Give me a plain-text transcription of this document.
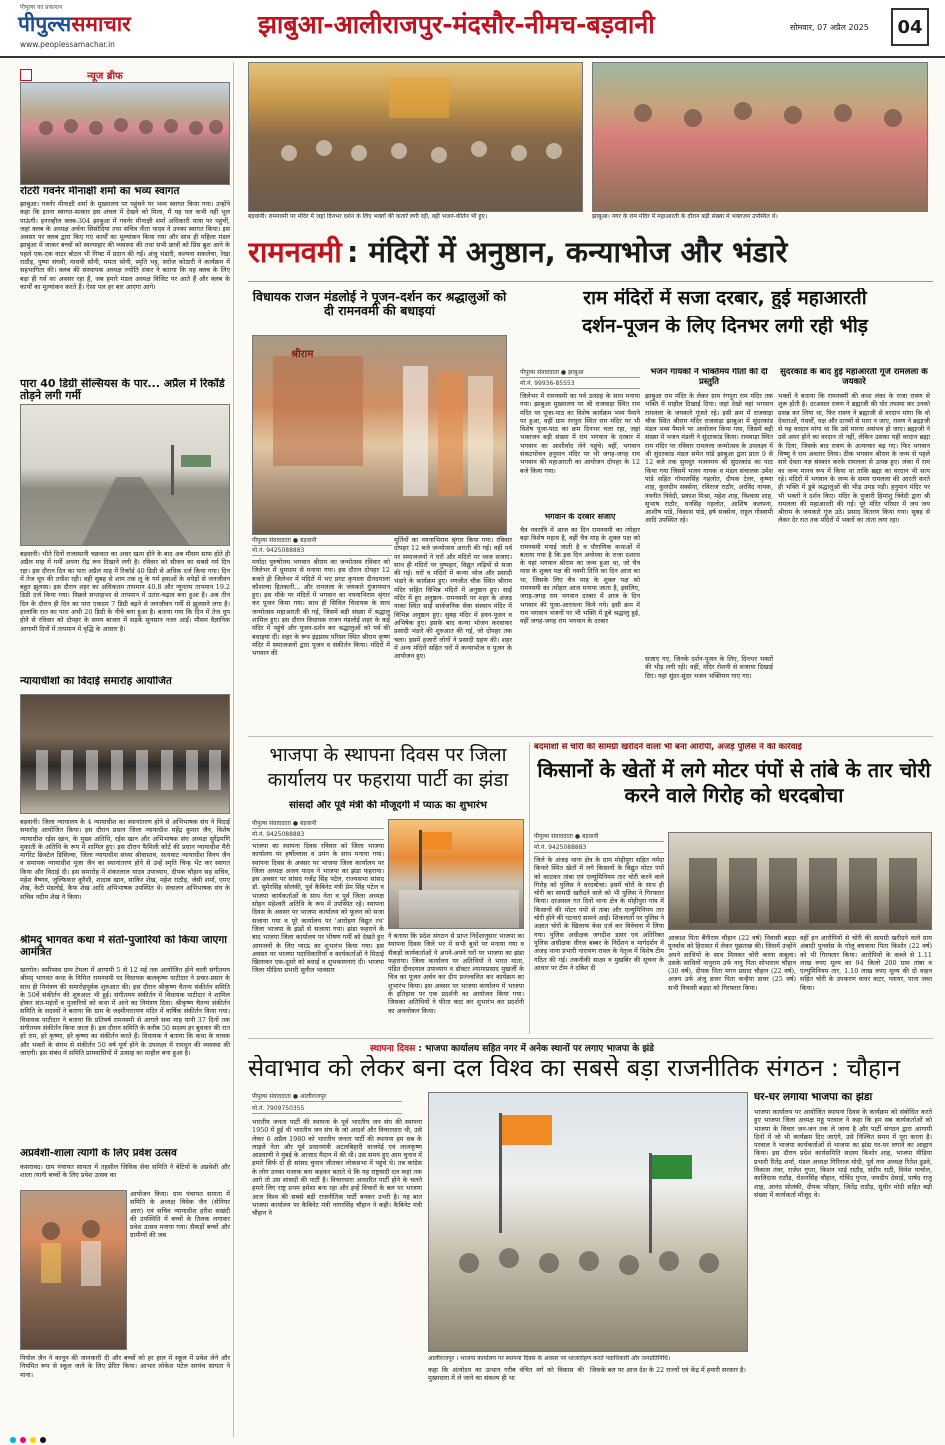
पीपुल्स का प्रकाशन
पीपुल्ससमाचार
www.peoplessamachar.in
झाबुआ-आलीराजपुर-मंदसौर-नीमच-बड़वानी	सोमवार, 07 अप्रैल 2025	04
न्यूज ब्रीफ
रोटरी गवर्नर मीनाक्षी शर्मा का भव्य स्वागत
झाबुआ। गवर्नर मीनाक्षी शर्मा के मुख्यालय पर पहुंचने पर भव्य स्वागत किया गया। उन्होंने कहा कि इतना स्वागत-सत्कार इस अंचल में देखने को मिला, मैं यह पल कभी नहीं भूल पाऊंगी। इनरव्हील क्लब-304 झाबुआ में गवर्नर मीनाक्षी शर्मा अधिकारी यात्रा पर पहुंचीं, जहां क्लब के अध्यक्ष अर्चना सिसोदिया तथा सचिव नीता यादव ने उनका स्वागत किया। इस अवसर पर क्लब द्वारा किए गए कार्यों का मूल्यांकन किया गया और साथ ही महिला मंडल झाबुआ में जाकर बच्चों को स्वल्पाहार की व्यवस्था की तथा सभी छात्रों को प्रिंस ब्रुश आने के पहले एक-एक वाटर बोटल भी गिफ्ट में प्रदान की गई। अंजू भंडारी, कल्पना सकलेचा, रेखा राठौड़, पुष्पा संघवी, माधवी सोनी, ममता सोनी, स्मृति भट्ट, सरोज कोठारी ने कार्यक्रम में सहभागिता की। क्लब की संस्थापक अध्यक्ष ज्योति शंकर ने बताया कि यह क्लब के लिए बड़ा ही गर्व का अवसर रहा है, जब हमारे मंडल अध्यक्ष विजिट पर आते हैं और क्लब के कार्यों का मूल्यांकन करते हैं। ऐसा पल हर बार आएगा आगे।
पारा 40 डिग्री सेल्सियस के पार... अप्रैल में रिकॉर्ड तोड़ने लगी गर्मी
बड़वानी। भीते दिनों राजस्थानी चक्रवात का असर खत्म होने के बाद अब मौसम साफ होते ही अप्रैल माह में गर्मी अपना रौद्र रूप दिखाने लगी है। रविवार को सीजन का सबसे गर्म दिन रहा। इस दौरान दिन का पारा अप्रैल माह में रिकॉर्ड 40 डिग्री से अधिक दर्ज किया गया। दिन में तेज धूप की तपीश रही। वहीं सुबह से शाम तक लू के गर्म हवाओं के थपेड़ों से जनजीवन बहुत झुलसा। इस दौरान शहर का अधिकतम तापमान 40.8 और न्यूनतम तापमान 19.2 डिग्री दर्ज किया गया। पिछले सप्ताहभर से तापमान में उतार-चढ़ाव बना हुआ है। अब तीन दिन के दौरान ही दिन का पारा एकदम 7 डिग्री बढ़ने से जनजीवन गर्मी से झुलसने लगा है। हालांकि रात का पारा अभी 20 डिग्री के नीचे बना हुआ है। बताया गया कि दिन में तेज धूप होने से रविवार को दोपहर के समय बाजार में सड़कें सुनसान नजर आईं। मौसम वैज्ञानिक आगामी दिनों में तापमान में वृद्धि के आसार है।
न्यायाधीशों का विदाई समारोह आयोजित
बड़वानी। जिला न्यायालय के 4 न्यायाधीश का स्थानांतरण होने से अभिभाषक संघ ने विदाई समारोह आयोजित किया। इस दौरान प्रधान जिला न्यायाधीश महेंद्र कुमार जैन, विशेष न्यायाधीश रईस खान, के मुख्य अतिथि, रईस खान और अभिभाषक संघ अध्यक्ष सुरेंद्रमणि मुकाती के अतिथि के रूप में शामिल हुए। इस दौरान फैमिली कोर्ट की प्रधान न्यायाधीश मैरी मार्गरेट क्रिस्टेल डिसिल्वा, जिला न्यायाधीश संध्या श्रीवास्तव, सत्यवाट न्यायाधीश विनय जैन व समापक न्यायाधीश पूजा जैन का स्थानांतरण होने से उन्हें स्मृति चिन्ह भेंट कर स्वागत किया और विदाई दी। इस समारोह में शंकरलाल यादव उपाध्याय, दीपक चौहान सह सचिव, महेश वैष्णव, जुल्फिकार कुरैशी, शादाब खान, साकिर शेख, महेश राठौड़, जेसी शर्मा, एमए शेख, केटी मंडलोई, कैफ शेख आदि अभिभाषक उपस्थित थे। संचालन अभिभाषक संघ के सचिव नदीम शेख ने किया।
श्रीमद् भागवत कथा में संतों-पुजारियों को किया जाएगा आमंत्रित
खरगोन। समीपस्थ ग्राम टेमला में आगामी 5 से 12 मई तक आयोजित होने वाली संगीतमय श्रीमद् भागवत कथा के निमित्त रामनवमी पर विधायक बालकृष्ण पाटीदार ने प्रचार-प्रसार के साथ ही निमंत्रण की समारोहपूर्वक शुरुआत की। इस दौरान श्रीकृष्ण चैतन्य संकीर्तन समिति के 50वें संकीर्तन की शुरुआत भी हुई। संगीतमय संकीर्तन में विधायक पाटीदार ने शामिल होकर संत-महंतों व पुजारियों को कथा में आने का निमंत्रण दिया। श्रीकृष्ण चैतन्य संकीर्तन समिति के सदस्यों ने बताया कि ग्राम के लक्ष्मीनारायण मंदिर में वार्षिक संकीर्तन किया गया। विधायक पाटीदार ने बताया कि प्रतिवर्ष रामनवमी से आगले सवा माह यानी 37 दिनों तक संगीतमय संकीर्तन किया जाता है। इस दौरान समिति के करीब 50 सदस्य हर बुधवार की रात हरे राम, हरे कृष्णा, हरे कृष्णा का संकीर्तन करते हैं। विधायक ने बताया कि कथा के वाचक और भक्तों के संगम से संकीर्तन 50 वर्ष पूर्ण होने के उपलक्ष्य में रामधुन की व्यवस्था की जाएगी। इस संबंध में समिति प्रामवासियों में उत्साह का माहौल बना हुआ है।
अप्रवेशी-शाला त्यागी के लिए प्रवेश उत्सव
कसरावद। ग्राम पंचायत सायता में तहसील जिविक सेवा समिति ने बेटियों के अप्रवेशी और शाला त्यागी बच्चों के लिए प्रवेश उत्सव का
आयोजन किया। ग्राम पंचायत सायता में समिति के अध्यक्ष विवेक जैन (सेनियर आरा) एवं सचिव न्यायाधीश हरीश सखंदी की उपस्थिति में बच्चों के तिलक लगाकर प्रवेश उत्सव मनाया गया। सैकड़ों बच्चों और ग्रामीणों की जब
पियोल जैन ने कानून की जानकारी दी और बच्चों को हर हाल में स्कूल में प्रवेश लेने और नियमित रूप से स्कूल जाने के लिए प्रेरित किया। आभार लोकेश पटेल सरपंच सायता ने माना।
बड़वानी। रामनवमी पर मंदिर में जहां दिनभर दर्शन के लिए भक्तों की कतारें लगी रहीं, वहीं भजन-कीर्तन भी हुए।	झाबुआ। नगर के राम मंदिर में महाआरती के दौरान बड़ी संख्या में भक्तजन उपस्थित थे।
रामनवमी : मंदिरों में अनुष्ठान, कन्याभोज और भंडारे
विधायक राजन मंडलोई ने पूजन-दर्शन कर श्रद्धालुओं को दी रामनवमी की बधाइयां
राम मंदिरों में सजा दरबार, हुई महाआरती
दर्शन-पूजन के लिए दिनभर लगी रही भीड़
श्रीराम
पीपुल्स संवाददाता ● बड़वानी
मो.नं. 9425088883
मूर्तियों का नयनाभिराम श्रृंगार किया गया। रविवार दोपहर 12 बजे जन्मोत्सव आरती की गई। वहीं पर्व पर समाजजनों ने घरों और मंदिरों पर ध्वज सजाए। साथ ही मंदिरों पर पुष्पहार, विद्युत लड़ियों से सजा की गई। घरों व मंदिरों में कन्या भोज और प्रसादी भंडारे के कार्यक्रम हुए। रणजीत चौक स्थित श्रीराम मंदिर सहित विभिन्न मंदिरों में अनुष्ठान हुए। साईं मंदिर में हुए अनुष्ठान- रामनवमी पर शहर के अंजड़ नाका स्थित साईं सार्वजनिक सेवा संस्थान मंदिर में विभिन्न अनुष्ठान हुए। सुबह मंदिर में हवन-पूजन व अभिषेक हुए। इसके बाद कन्या भोजन करवाकर प्रसादी भंडारे की शुरुआत की गई, जो दोपहर तक चला। इसमें हजारों लोगों ने प्रसादी ग्रहण की। शहर में अन्य मंदिरों सहित घरों में कन्याभोज व पूजन के आयोजन हुए।
मर्यादा पुरुषोत्तम भगवान श्रीराम का जन्मोत्सव रविवार को जिलेभर में धूमधाम से मनाया गया। इस दौरान दोपहर 12 बजते ही जिलेभर में मंदिरों में भए प्रगट कृपाला दीनदयाला कौशल्या हितकारी... और रामलला के जयकारे गुंजायमान हुए। इस मौके पर मंदिरों में भगवान का नयनाभिराम श्रृंगार कर पूजन किया गया। साथ ही सिविल विधायक के साथ जन्मोत्सव महाआरती की गई, जिसमें बड़ी संख्या में श्रद्धालु शामिल हुए। इस दौरान विधायक राजन मंडलोई शहर के कई मंदिर में पहुंचे और पूजन-दर्शन कर श्रद्धालुओं को पर्व की बधाइयां दीं। शहर के रूप इंद्रप्रस्थ परिसर स्थित श्रीराम कृष्ण मंदिर में समाजजनों द्वारा पूजन व संकीर्तन किया। मंदिरों में भगवान की
पीपुल्स संवाददाता ● झाबुआ
मो.नं. 99936-85553
जिलेभर में रामनवमी का पर्व उत्साह के साथ मनाया गया। झाबुआ मुख्यालय पर श्री राजवाड़ा स्थित राम मंदिर पर पूजा-पाठ का विशेष कार्यक्रम भव्य पैमाने पर हुआ, वहीं ग्राम रंगपुरा स्थित राम मंदिर पर भी विशेष पूजा-पाठ का क्रम दिनभर चला रहा, जहां भक्तजन बड़ी संख्या में राम भगवान के दरबार में भगवान का आशीर्वाद लेने पहुंचे। वहीं, भगवान संकटमोचन हनुमान मंदिर पर भी जगह-जगह राम भगवान की महाआरती का आयोजन दोपहर के 12 बजे किया गया।
भगवान के दरबार सजाए
चैत्र नवरात्रि में आज का दिन रामनवमी का त्योहार बड़ा विशेष महत्व है, वहीं चैत्र माह के शुक्ल पक्ष को रामनवमी मनाई जाती है व पौराणिक कथाओं में बताया गया है कि इस दिन अयोध्या के राजा दशरथ के यहां भगवान श्रीराम का जन्म हुआ था, जो चैत्र मास के शुक्ल पक्ष की नवमी तिथि का दिन आज का था, जिसके लिए चैत्र माह के शुक्ल पक्ष को रामनवमी का त्योहार आज मनाया जाता है, इसलिए, जगह-जगह राम भगवान दरबार में आज के दिन भगवान की पूजा-आराधना किये गये। इसी क्रम में राम भगवान भजनों पर भी भक्ति में डूबे श्रद्धालु हुई, वहीं जगह-जगह राम भगवान के दरबार
भजन गायकों ने भक्तिमय गीतों की दी प्रस्तुति
झाबुआ राम मंदिर के लेकर ग्राम रंगपुरा राम मंदिर तक भक्ति में माहौल दिखाई दिया। जहां देखो वहां भगवान रामलला के जयकारे गूंजते रहे। इसी क्रम में राजवाड़ा चौक स्थित श्रीराम मंदिर राजवाड़ा झाबुआ में सुंदरकांड मंडल भव्य पैमाने पर आयोजन किया गया, जिसमें बड़ी संख्या में भजन मंडली ने सुंदरकांड किया। रामवाड़ा स्थित राम मंदिर पर रविवार रामलला जन्मोत्सव के उपलक्ष्य में श्री सुंदरकांड मंडल समेत पांडे झाबुआ द्वारा प्रातः 9 से 12 बजे तक सुमधुर भजनमय श्री सुंदरकांड का पाठ किया गया जिसमें भजन गायक व मंडल संचालक उमेश पांडे सहित गोपालसिंह गहलोत, दीपक टेलर, कृष्णा शाह, कुलदीप सक्सेना, रविराज राठौर, अरविंद नायक, नवनीत त्रिवेदी, प्रकाश मिश्रा, महेश शाह, विश्वास शाह, सुभाष राठौर, धनसिंह गहलोत, आशिष कलपना, आशीष पांडे, विकास पांडे, हर्ष सक्सेना, राहुल गोस्वामी आदि उपस्थित रहे।
सजाए गए, जिनके दर्शन-पूजन के लिए, दिनभर भक्तों की भीड़ लगी रही। वहीं, मंदिर रोशनी से सजाया दिखाई दिए। यहां सुंदर-सुंदर भजन भक्तिमय गाए गए।
सुंदरकांड के बाद हुई महाआरती गूंजे रामलला के जयकारे
भक्तों ने बताया कि रामनवमी की कथा लंका के राजा रावण से शुरू होती है। दरअसल रावण ने ब्रह्माजी की घोर तपस्या कर उनको प्रसन्न कर लिया था, फिर रावण ने ब्रह्माजी से वरदान मांगा कि वो देवताओं, गंधर्वों, यक्ष और दानवों से मारा न जाए, रावण ने ब्रह्माजी से यह वरदान मांगा था कि उसे मारना असंभव हो जाए। ब्रह्माजी ने उसे अमर होने का वरदान तो नहीं, लेकिन उसका यहीं वरदान ब्रह्मा के दिया, जिसके बाद रावण के अत्याचार बढ़ गए। फिर भगवान विष्णु ने राम अवतार लिया। ठीक भगवान श्रीराम के जन्म से पहले सारे देवता यज्ञ संस्कार करके रामलला से उत्पन्न हुए। लंका में राम का जन्म मानव रूप में किया था ताकि ब्रह्मा का वरदान भी सत्य रहे। मंदिरों में भगवान के जन्म के समय रामलला की आरती करते ही भक्ति में डूबे श्रद्धालुओं की भीड़ उमड़ पड़ी। हनुमान मंदिर पर भी भक्तों ने दर्शन किए। मंदिर के पुजारी हिमांशु त्रिवेदी द्वारा श्री रामलला की महाआरती की गई। पूरे मंदिर परिसर में जय जय श्रीराम के जयकारे गूंज उठे। प्रसाद वितरण किया गया। सुबह से लेकर देर रात तक मंदिरों में भक्तों का तांता लगा रहा।
भाजपा के स्थापना दिवस पर जिला कार्यालय पर फहराया पार्टी का झंडा
सांसदों और पूर्व मंत्री की मौजूदगी में प्याऊ का शुभारंभ
पीपुल्स संवाददाता ● बड़वानी
मो.नं. 9425088883
भाजपा का स्थापना दिवस रविवार को जिला भाजपा कार्यालय पर हर्षोल्लास व उमंग के साथ मनाया गया। स्थापना दिवस के अवसर पर भाजपा जिला कार्यालय पर जिला अध्यक्ष अजय यादव ने भाजपा का झंडा फहराया। इस अवसर पर सांसद गजेंद्र सिंह पटेल, राज्यसभा सांसद डॉ. सुमेरसिंह सोलंकी, पूर्व कैबिनेट मंत्री प्रेम सिंह पटेल व भाजपा कार्यकर्ताओं के साथ नेता व पूर्व जिला अध्यक्ष सोहन महेश्वरी अतिथि के रूप में उपस्थित रहे। स्थापना दिवस के अवसर पर भाजपा कार्यालय को फूलन को सजा सजाया गया व पूरे कार्यालय पर 'आरोहण विद्युत रथ' जिला भाजपा के झंडों से सजाया गया। झंडा फहराने के बाद भाजपा जिला कार्यालय पर भीषण गर्मी को देखते हुए आमजनों के लिए प्याऊ का शुभारंभ किया गया। इस अवसर पर भाजपा पदाधिकारियों व कार्यकर्ताओं ने मिठाई खिलाकर एक-दूसरे को बधाई व शुभकामनाएं दी। भाजपा जिला मीडिया प्रभारी सुनील भावसार
ने बताया कि प्रदेश संगठन से प्राप्त निर्देशानुसार भाजपा का स्थापना दिवस जिले भर में सभी बूथों पर मनाया गया व सैकड़ों कार्यकर्ताओं ने अपने-अपने घरों पर भाजपा का झंडा फहराया। जिला कार्यालय पर अतिथियों ने भारत माता, पंडित दीनदयाल उपाध्याय व डॉक्टर श्यामाप्रसाद मुखर्जी के चित्र का पूजन अर्चन कर दीप प्रज्ज्वलित कर कार्यक्रम का शुभारंभ किया। इस अवसर पर भाजपा कार्यालय में भाजपा के इतिहास पर एक प्रदर्शनी का आयोजन किया गया। जिसका अतिथियों ने फीता काट कर शुभारंभ कर प्रदर्शनी का अवलोकन किया।
बदमाशों से चोरी की सामग्री खरीदने वाला भी बना आरोपी, अंजड़ पुलिस ने की कार्रवाई
किसानों के खेतों में लगे मोटर पंपों से तांबे के तार चोरी करने वाले गिरोह को धरदबोचा
पीपुल्स संवाददाता ● बड़वानी
मो.नं. 9425088883
जिले के अंजड़ थाना क्षेत्र के ग्राम मोहीपुरा सहित नर्मदा किनारे स्थित खेतों में लगे किसानों के विद्युत मोटर पंपों को काटकर तांबा एवं एल्युमिनियम तार चोरी करने वाले गिरोह को पुलिस ने धरदबोचा। इसमें चोरों के साथ ही चोरी का सामग्री खरीदने वाले को भी पुलिस ने गिरफ्तार किया। दरअसल गत दिनों थाना क्षेत्र के मोहीपुरा गांव में किसानों की मोटर पंपों से तांबा और एल्युमिनियम तार चोरी होने की घटनाएं सामने आईं। शिकायतों पर पुलिस ने अज्ञात चोरों के खिलाफ केस दर्ज कर विवेचना में लिया गया। पुलिस अधीक्षक जगदीश डावर एवं अतिरिक्त पुलिस अधीक्षक धीरज बब्बर के निर्देशन व मार्गदर्शन में अंजड़ थाना प्रभारी नारायण रावल के नेतृत्व में विशेष टीम गठित की गई। तकनीकी साक्ष्य व मुखबिर की सूचना के आधार पर टीम ने दबिश दी
आकाश पिता बैंगीराम चौहान (22 वर्ष) निवासी बड़दा पुनर्वास को हिरासत में लेकर पूछताछ की। जिसमें उन्होंने अपने साथियों के साथ मिलकर चोरी करना कबूला। उसके साथियों नानुराम उर्फ नानु पिता सोभाराम चौहान (30 वर्ष), दीपक पिता मगन प्रसाद चौहान (22 वर्ष), अजय उर्फ अंजू डावर पिता कन्हैया डावर (25 वर्ष) सभी निवासी बड़दा को गिरफ्तार किया।
वहीं इन आरोपियों से चोरी की सामग्री खरीदने वाले ग्राम अंबादी पुनर्वास के गोलू बघवाया पिता किशोर (22 वर्ष) को भी गिरफ्तार किया। आरोपियों के कब्जे से 1.11 लाख रुपए मूल्य का 94 किलो 200 ग्राम तांबा व एल्युमिनियम तार, 1.10 लाख रुपए मूल्य की दो वाहन सहित चोरी के उपकरण वायर कटर, प्लायर, पाना जब्त किया।
स्थापना दिवस : भाजपा कार्यालय सहित नगर में अनेक स्थानों पर लगाए भाजपा के झंडे
सेवाभाव को लेकर बना दल विश्व का सबसे बड़ा राजनीतिक संगठन : चौहान
पीपुल्स संवाददाता ● आलीराजपुर
मो.नं. 7909750355
भारतीय जनता पार्टी की स्थापना के पूर्व भारतीय जन संघ की स्थापना 1950 में हुई थी भारतीय जन संघ के जो आदर्श और विचारधारा थी, उसे लेकर 6 अप्रैल 1980 को भारतीय जनता पार्टी की स्थापना हम सब के लाड़ले नेता और पूर्व प्रधानमंत्री अटलबिहारी वाजपेई एवं लालकृष्ण आडवाणी ने मुंबई के आजाद मैदान में की थी। उस समय हुए आम चुनाव में हमारे सिर्फ दो ही सांसद चुनाव जीतकर लोकसभा में पहुंचे थे। तब कांग्रेस के लोग उनका मजाक बना कहकर बताते थे कि यह राष्ट्रवादी दल कहां तक आगे तो उस सांसदों की पार्टी है। विचारधारा आधारित पार्टी होने के चलते हमारे लिए राष्ट्र प्रथम हमेशा बना रहा और इन्हें विचारों के बल पर भाजपा आज विश्व की सबसे बड़ी राजनीतिक पार्टी बनकर उभरी है। यह बात भाजपा कार्यालय पर कैबिनेट मंत्री नागरसिंह चौहान ने कही। कैबिनेट मंत्री चौहान ने
आलीराजपुर । भाजपा कार्यालय पर स्थापना दिवस के अवसर पर ध्वजारोहण करते पदाधिकारी और जनप्रतिनिधि।
कहा कि अंत्योदय का उत्थान गरीब वंचित वर्ग को विकास की मुख्यधारा में ले जाने का संकल्प ही भा
जिसके बल पर आज देश के 22 राज्यों एवं केंद्र में हमारी सरकार है।
घर-घर लगाया भाजपा का झंडा
भाजपा कार्यालय पर आयोजित स्थापना दिवस के कार्यक्रम को संबोधित करते हुए भाजपा जिला अध्यक्ष महू परवाल ने कहा कि हम सब कार्यकर्ताओं को भाजपा के विचार जन-जन तक ले जाना है और पार्टी संगठन द्वारा आगामी दिनों में जो भी कार्यक्रम दिए जाएंगे, उसे निश्चित समय में पूरा करना है। परवाल ने भाजपा कार्यकर्ताओं से भाजपा का झंडा घर-घर लगाने का आह्वान किया। इस दौरान प्रदेश कार्यसमिति सदस्य किशोर शाह, भाजपा मीडिया प्रभारी रितेंद्र शर्मा, मंडल अध्यक्ष गिरिराज मोदी, पूर्व नपा अध्यक्ष रितेश डुडवे, विकास तंवर, राजेश गुप्ता, किशन भाई राठौड़, संदीप राठी, विनेश पाचोल, कालिदास राठौड़, रोशनसिंह चौहान, गोविंद गुप्ता, जयदीप देसाई, पार्षद राजु शाह, आनंद सोलंकी, दीपक परिहार, जितेंद्र राठौड़, सुधीर मोदी सहित बड़ी संख्या में कार्यकर्ता मौजूद थे।
